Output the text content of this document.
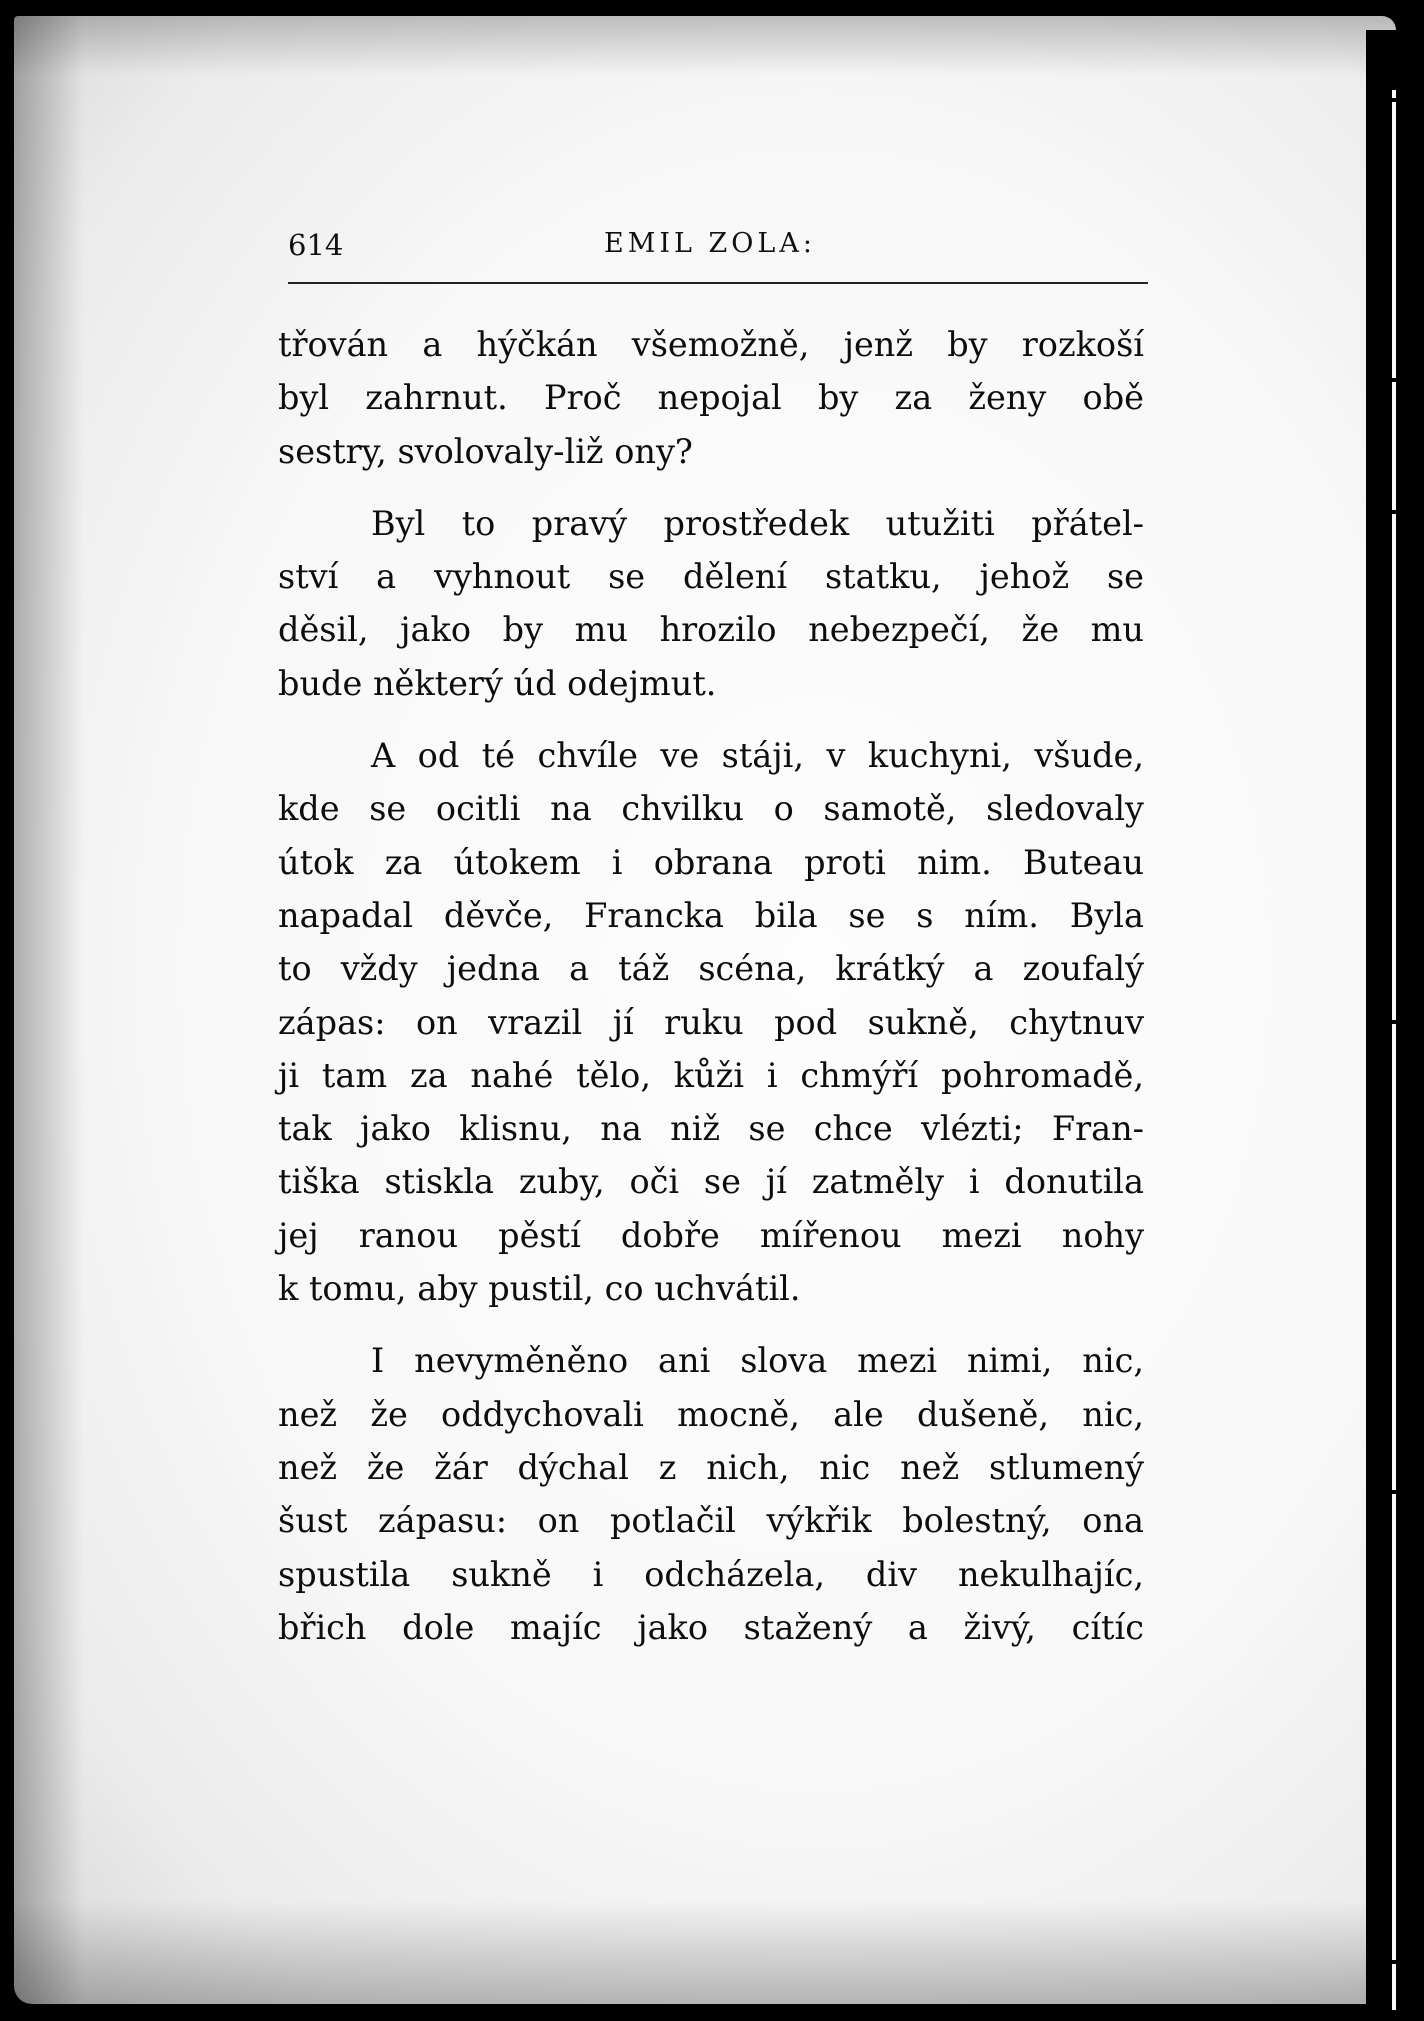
614	EMIL ZOLA:
třován a hýčkán všemožně, jenž by rozkoší
byl zahrnut. Proč nepojal by za ženy obě
sestry, svolovaly-liž ony?
Byl to pravý prostředek utužiti přátel-
ství a vyhnout se dělení statku, jehož se
děsil, jako by mu hrozilo nebezpečí, že mu
bude některý úd odejmut.
A od té chvíle ve stáji, v kuchyni, všude,
kde se ocitli na chvilku o samotě, sledovaly
útok za útokem i obrana proti nim. Buteau
napadal děvče, Francka bila se s ním. Byla
to vždy jedna a táž scéna, krátký a zoufalý
zápas: on vrazil jí ruku pod sukně, chytnuv
ji tam za nahé tělo, kůži i chmýří pohromadě,
tak jako klisnu, na niž se chce vlézti; Fran-
tiška stiskla zuby, oči se jí zatměly i donutila
jej ranou pěstí dobře mířenou mezi nohy
k tomu, aby pustil, co uchvátil.
I nevyměněno ani slova mezi nimi, nic,
než že oddychovali mocně, ale dušeně, nic,
než že žár dýchal z nich, nic než stlumený
šust zápasu: on potlačil výkřik bolestný, ona
spustila sukně i odcházela, div nekulhajíc,
břich dole majíc jako stažený a živý, cítíc
